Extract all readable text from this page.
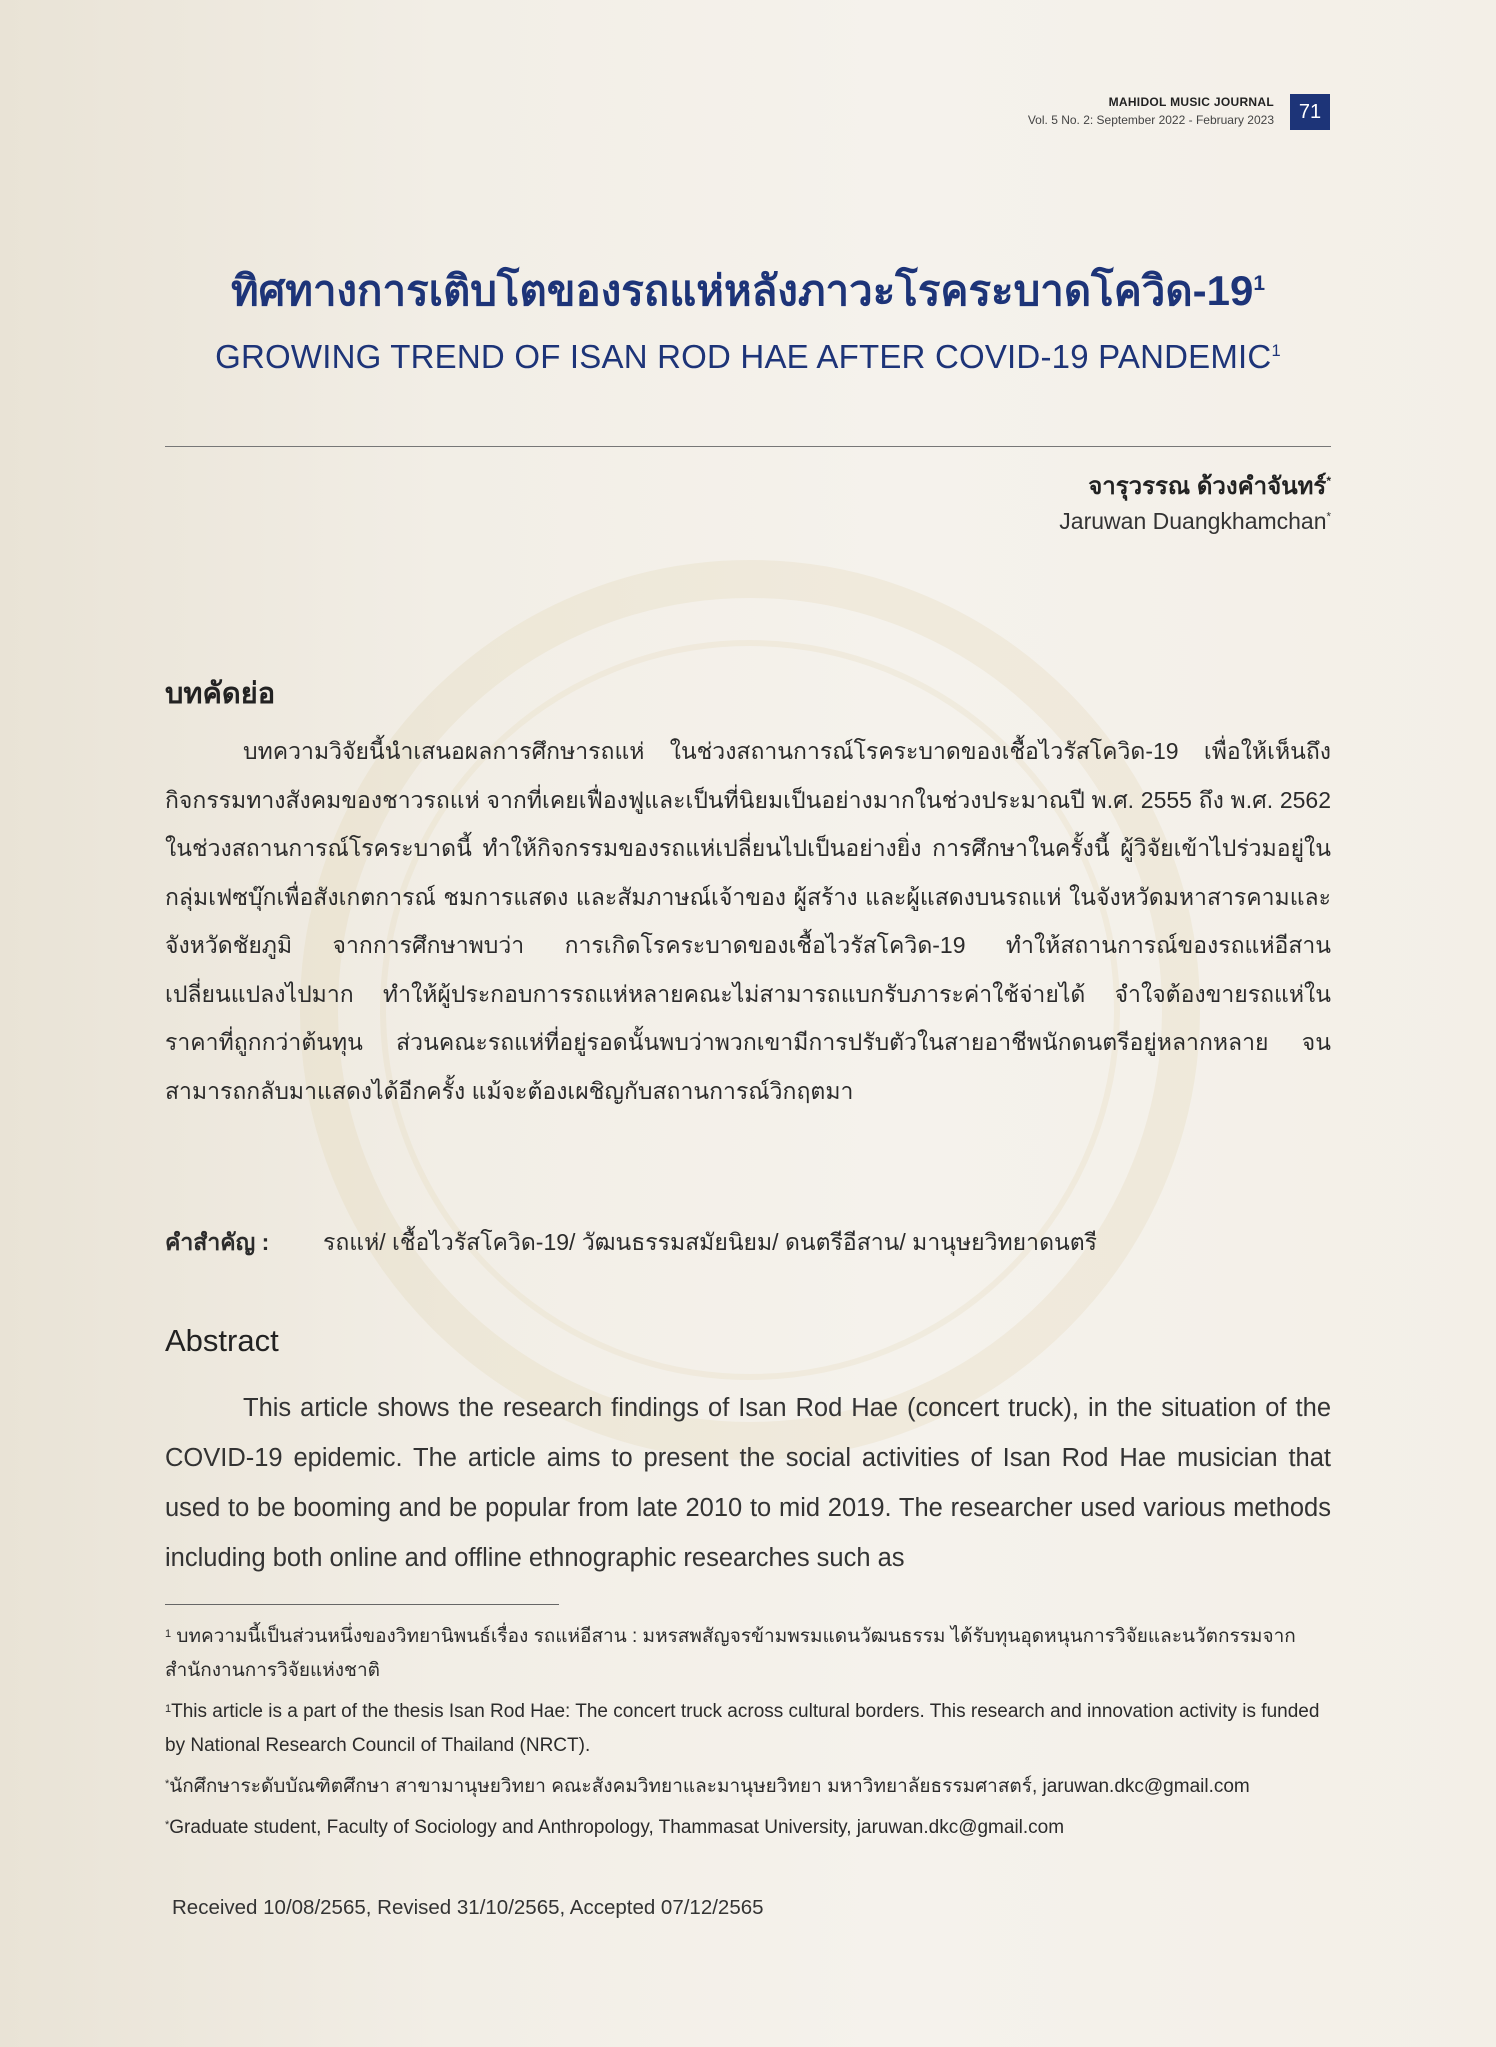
MAHIDOL MUSIC JOURNAL
Vol. 5 No. 2: September 2022 - February 2023	71
ทิศทางการเติบโตของรถแห่หลังภาวะโรคระบาดโควิด$-19^1$
GROWING TREND OF ISAN ROD HAE AFTER COVID-19 PANDEMIC$^1$
จารุวรรณ ด้วงคำจันทร์*
Jaruwan Duangkhamchan*
บทคัดย่อ
บทความวิจัยนี้นำเสนอผลการศึกษารถแห่ ในช่วงสถานการณ์โรคระบาดของเชื้อไวรัสโควิด-19 เพื่อให้เห็นถึงกิจกรรมทางสังคมของชาวรถแห่ จากที่เคยเฟื่องฟูและเป็นที่นิยมเป็นอย่างมากในช่วงประมาณปี พ.ศ. 2555 ถึง พ.ศ. 2562 ในช่วงสถานการณ์โรคระบาดนี้ ทำให้กิจกรรมของรถแห่เปลี่ยนไปเป็นอย่างยิ่ง การศึกษาในครั้งนี้ ผู้วิจัยเข้าไปร่วมอยู่ในกลุ่มเฟซบุ๊กเพื่อสังเกตการณ์ ชมการแสดง และสัมภาษณ์เจ้าของ ผู้สร้าง และผู้แสดงบนรถแห่ ในจังหวัดมหาสารคามและจังหวัดชัยภูมิ จากการศึกษาพบว่า การเกิดโรคระบาดของเชื้อไวรัสโควิด-19 ทำให้สถานการณ์ของรถแห่อีสานเปลี่ยนแปลงไปมาก ทำให้ผู้ประกอบการรถแห่หลายคณะไม่สามารถแบกรับภาระค่าใช้จ่ายได้ จำใจต้องขายรถแห่ในราคาที่ถูกกว่าต้นทุน ส่วนคณะรถแห่ที่อยู่รอดนั้นพบว่าพวกเขามีการปรับตัวในสายอาชีพนักดนตรีอยู่หลากหลาย จนสามารถกลับมาแสดงได้อีกครั้ง แม้จะต้องเผชิญกับสถานการณ์วิกฤตมา
คำสำคัญ : รถแห่/ เชื้อไวรัสโควิด-19/ วัฒนธรรมสมัยนิยม/ ดนตรีอีสาน/ มานุษยวิทยาดนตรี
Abstract
This article shows the research findings of Isan Rod Hae (concert truck), in the situation of the COVID-19 epidemic. The article aims to present the social activities of Isan Rod Hae musician that used to be booming and be popular from late 2010 to mid 2019. The researcher used various methods including both online and offline ethnographic researches such as
$^1$ บทความนี้เป็นส่วนหนึ่งของวิทยานิพนธ์เรื่อง รถแห่อีสาน : มหรสพสัญจรข้ามพรมแดนวัฒนธรรม ได้รับทุนอุดหนุนการวิจัยและนวัตกรรมจากสำนักงานการวิจัยแห่งชาติ
$^1$This article is a part of the thesis Isan Rod Hae: The concert truck across cultural borders. This research and innovation activity is funded by National Research Council of Thailand (NRCT).
*นักศึกษาระดับบัณฑิตศึกษา สาขามานุษยวิทยา คณะสังคมวิทยาและมานุษยวิทยา มหาวิทยาลัยธรรมศาสตร์, jaruwan.dkc@gmail.com
*Graduate student, Faculty of Sociology and Anthropology, Thammasat University, jaruwan.dkc@gmail.com
Received 10/08/2565, Revised 31/10/2565, Accepted 07/12/2565
